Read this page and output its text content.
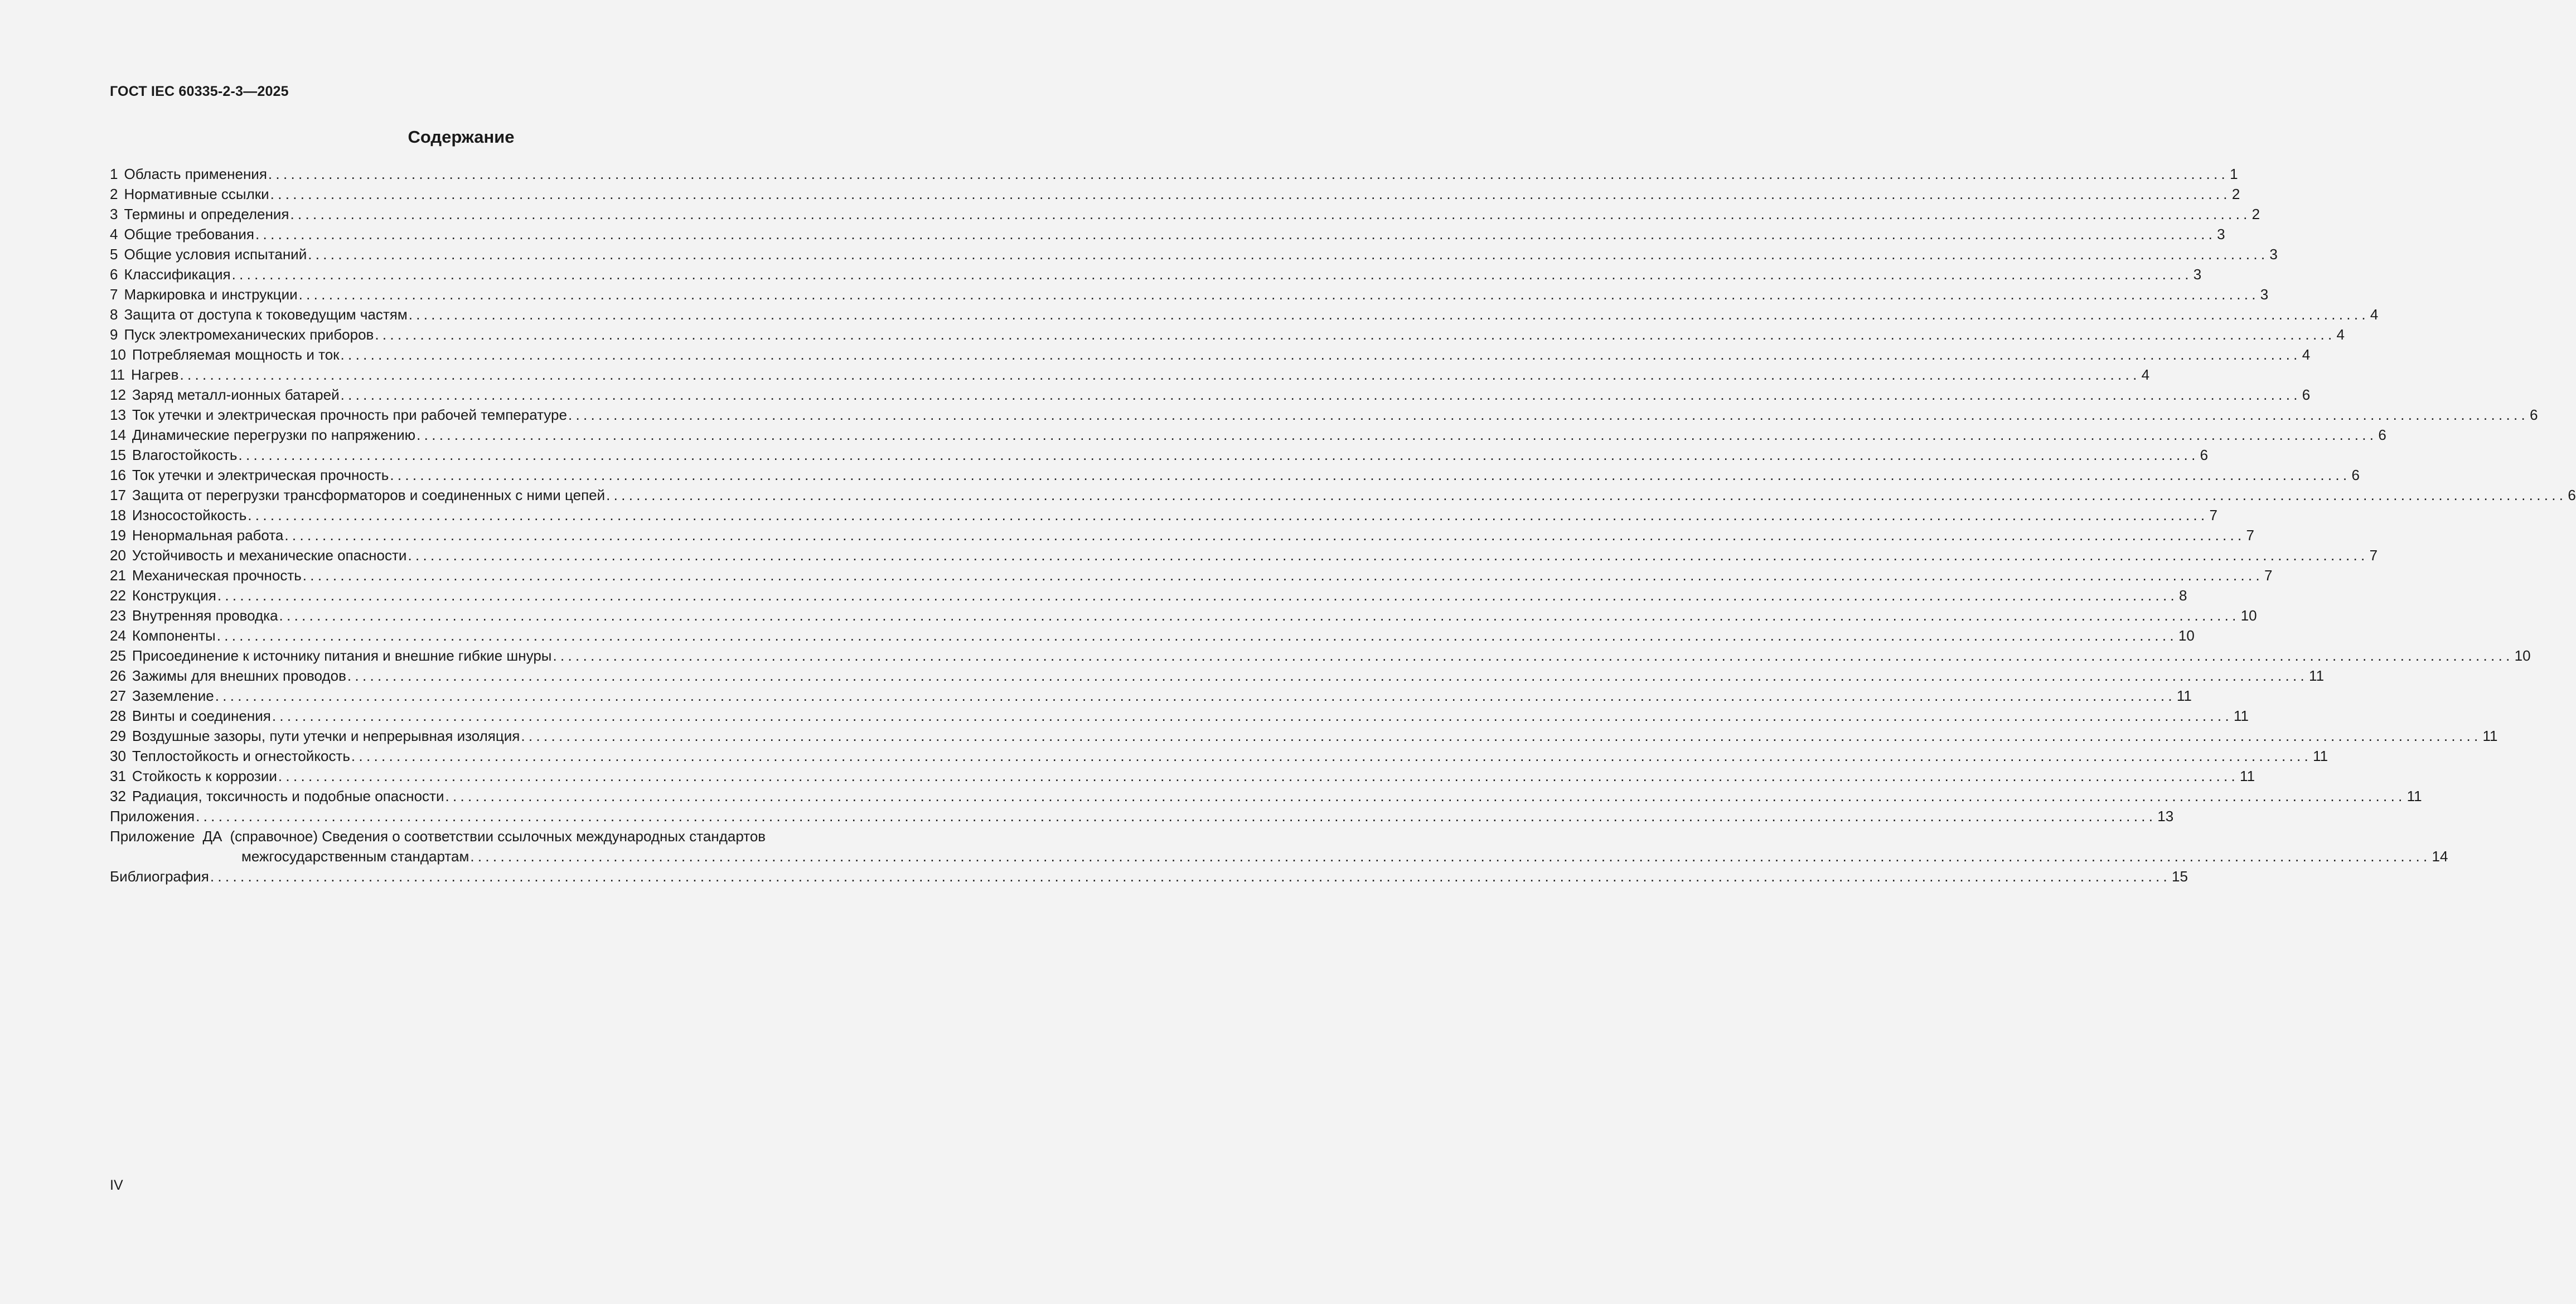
ГОСТ IEC 60335-2-3—2025
Содержание
1 Область применения .................................................................................................................................................................................................................................................................... 1
2 Нормативные ссылки .................................................................................................................................................................................................................................................................... 2
3 Термины и определения .................................................................................................................................................................................................................................................................... 2
4 Общие требования .................................................................................................................................................................................................................................................................... 3
5 Общие условия испытаний .................................................................................................................................................................................................................................................................... 3
6 Классификация .................................................................................................................................................................................................................................................................... 3
7 Маркировка и инструкции .................................................................................................................................................................................................................................................................... 3
8 Защита от доступа к токоведущим частям .................................................................................................................................................................................................................................................................... 4
9 Пуск электромеханических приборов .................................................................................................................................................................................................................................................................... 4
10 Потребляемая мощность и ток .................................................................................................................................................................................................................................................................... 4
11 Нагрев .................................................................................................................................................................................................................................................................... 4
12 Заряд металл-ионных батарей .................................................................................................................................................................................................................................................................... 6
13 Ток утечки и электрическая прочность при рабочей температуре .................................................................................................................................................................................................................................................................... 6
14 Динамические перегрузки по напряжению .................................................................................................................................................................................................................................................................... 6
15 Влагостойкость .................................................................................................................................................................................................................................................................... 6
16 Ток утечки и электрическая прочность .................................................................................................................................................................................................................................................................... 6
17 Защита от перегрузки трансформаторов и соединенных с ними цепей .................................................................................................................................................................................................................................................................... 6
18 Износостойкость .................................................................................................................................................................................................................................................................... 7
19 Ненормальная работа .................................................................................................................................................................................................................................................................... 7
20 Устойчивость и механические опасности .................................................................................................................................................................................................................................................................... 7
21 Механическая прочность .................................................................................................................................................................................................................................................................... 7
22 Конструкция .................................................................................................................................................................................................................................................................... 8
23 Внутренняя проводка .................................................................................................................................................................................................................................................................... 10
24 Компоненты .................................................................................................................................................................................................................................................................... 10
25 Присоединение к источнику питания и внешние гибкие шнуры .................................................................................................................................................................................................................................................................... 10
26 Зажимы для внешних проводов .................................................................................................................................................................................................................................................................... 11
27 Заземление .................................................................................................................................................................................................................................................................... 11
28 Винты и соединения .................................................................................................................................................................................................................................................................... 11
29 Воздушные зазоры, пути утечки и непрерывная изоляция .................................................................................................................................................................................................................................................................... 11
30 Теплостойкость и огнестойкость .................................................................................................................................................................................................................................................................... 11
31 Стойкость к коррозии .................................................................................................................................................................................................................................................................... 11
32 Радиация, токсичность и подобные опасности .................................................................................................................................................................................................................................................................... 11
Приложения .................................................................................................................................................................................................................................................................... 13
Приложение ДА (справочное) Сведения о соответствии ссылочных международных стандартов
межгосударственным стандартам .................................................................................................................................................................................................................................................................... 14
Библиография .................................................................................................................................................................................................................................................................... 15
IV
